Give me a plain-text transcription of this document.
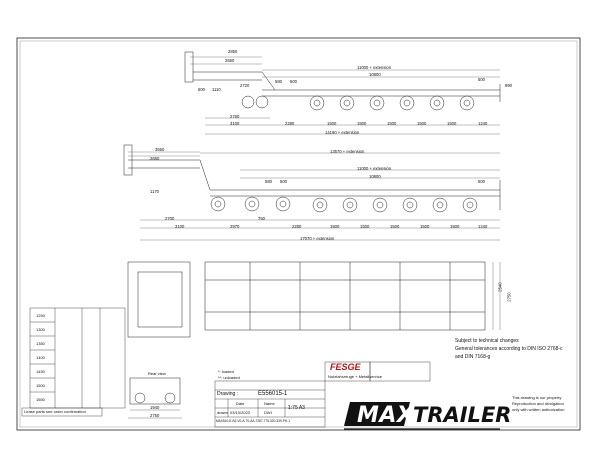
2850
2650
11000 + extension
10800
580 500	500
2720
1110
600
990
2760
3100	2280	1500	1500	1500	1500	1500	1240
14190 + extension
3650
2650
13570 + extension
11000 + extension
10800
580 500	500
1170
2700
3100	2970	2280
750
1500	1500	1500	1500	1500	1240
17070 + extension
2750
2540
Subject to technical changes
General tolerances according to DIN ISO 2768-c
and DIN 7168-g
*: loaded
**: unloaded
Rear view
1940
2750
1250
1300
1350
1400
1450
1500
1550
Lease parts see order confirmation
FESGE
Nutzfahrzeuge + Metallservice
Drawing :	E556015-1
Date	Name
drawn 03/10/2023	DWI
1:75 A3
MAX510-E-B2-V0-A-70-AA-7287-775-320-339-PH-1	MAX
TRAILER
This drawing is our property
Reproduction and divulgation
only with written authorization
